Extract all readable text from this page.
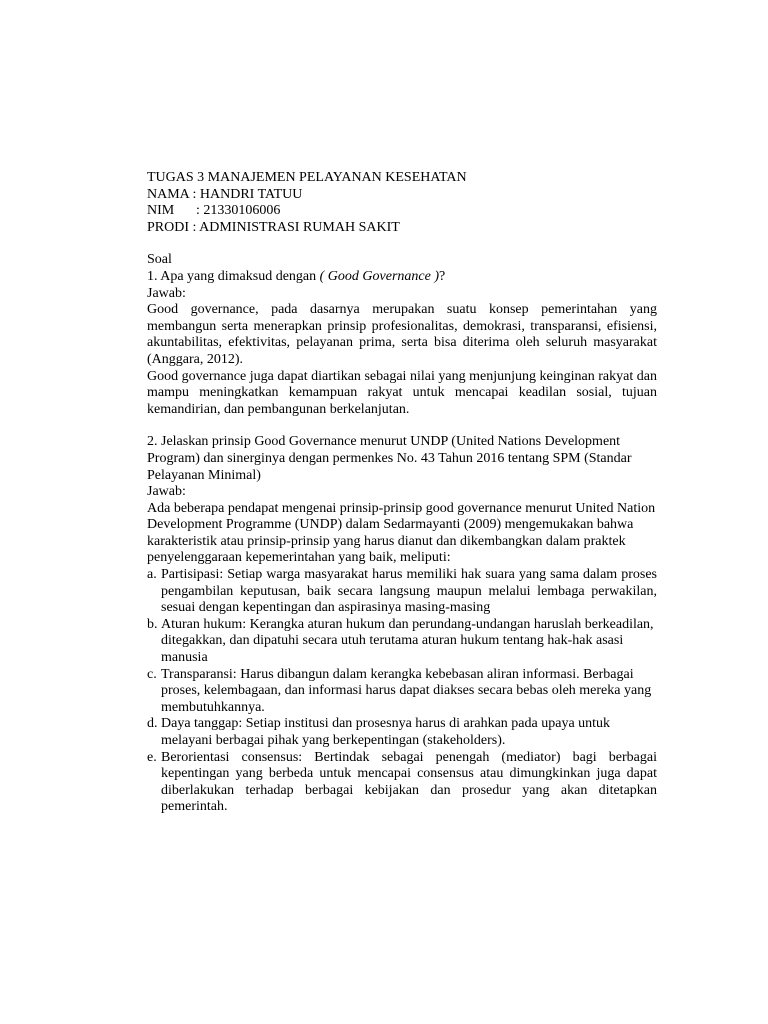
TUGAS 3 MANAJEMEN PELAYANAN KESEHATAN

NAMA : HANDRI TATUU
NIM : 21330106006
PRODI : ADMINISTRASI RUMAH SAKIT

Soal

1. Apa yang dimaksud dengan ( Good Governance )?

Jawab:

Good governance, pada dasarnya merupakan suatu konsep pemerintahan yang membangun serta menerapkan prinsip profesionalitas, demokrasi, transparansi, efisiensi, akuntabilitas, efektivitas, pelayanan prima, serta bisa diterima oleh seluruh masyarakat (Anggara, 2012).

Good governance juga dapat diartikan sebagai nilai yang menjunjung keinginan rakyat dan mampu meningkatkan kemampuan rakyat untuk mencapai keadilan sosial, tujuan kemandirian, dan pembangunan berkelanjutan.

2. Jelaskan prinsip Good Governance menurut UNDP (United Nations Development Program) dan sinerginya dengan permenkes No. 43 Tahun 2016 tentang SPM (Standar Pelayanan Minimal)

Jawab:

Ada beberapa pendapat mengenai prinsip-prinsip good governance menurut United Nation Development Programme (UNDP) dalam Sedarmayanti (2009) mengemukakan bahwa karakteristik atau prinsip-prinsip yang harus dianut dan dikembangkan dalam praktek penyelenggaraan kepemerintahan yang baik, meliputi:

a. Partisipasi: Setiap warga masyarakat harus memiliki hak suara yang sama dalam proses pengambilan keputusan, baik secara langsung maupun melalui lembaga perwakilan, sesuai dengan kepentingan dan aspirasinya masing-masing
b. Aturan hukum: Kerangka aturan hukum dan perundang-undangan haruslah berkeadilan, ditegakkan, dan dipatuhi secara utuh terutama aturan hukum tentang hak-hak asasi manusia
c. Transparansi: Harus dibangun dalam kerangka kebebasan aliran informasi. Berbagai proses, kelembagaan, dan informasi harus dapat diakses secara bebas oleh mereka yang membutuhkannya.
d. Daya tanggap: Setiap institusi dan prosesnya harus di arahkan pada upaya untuk melayani berbagai pihak yang berkepentingan (stakeholders).
e. Berorientasi consensus: Bertindak sebagai penengah (mediator) bagi berbagai kepentingan yang berbeda untuk mencapai consensus atau dimungkinkan juga dapat diberlakukan terhadap berbagai kebijakan dan prosedur yang akan ditetapkan pemerintah.
